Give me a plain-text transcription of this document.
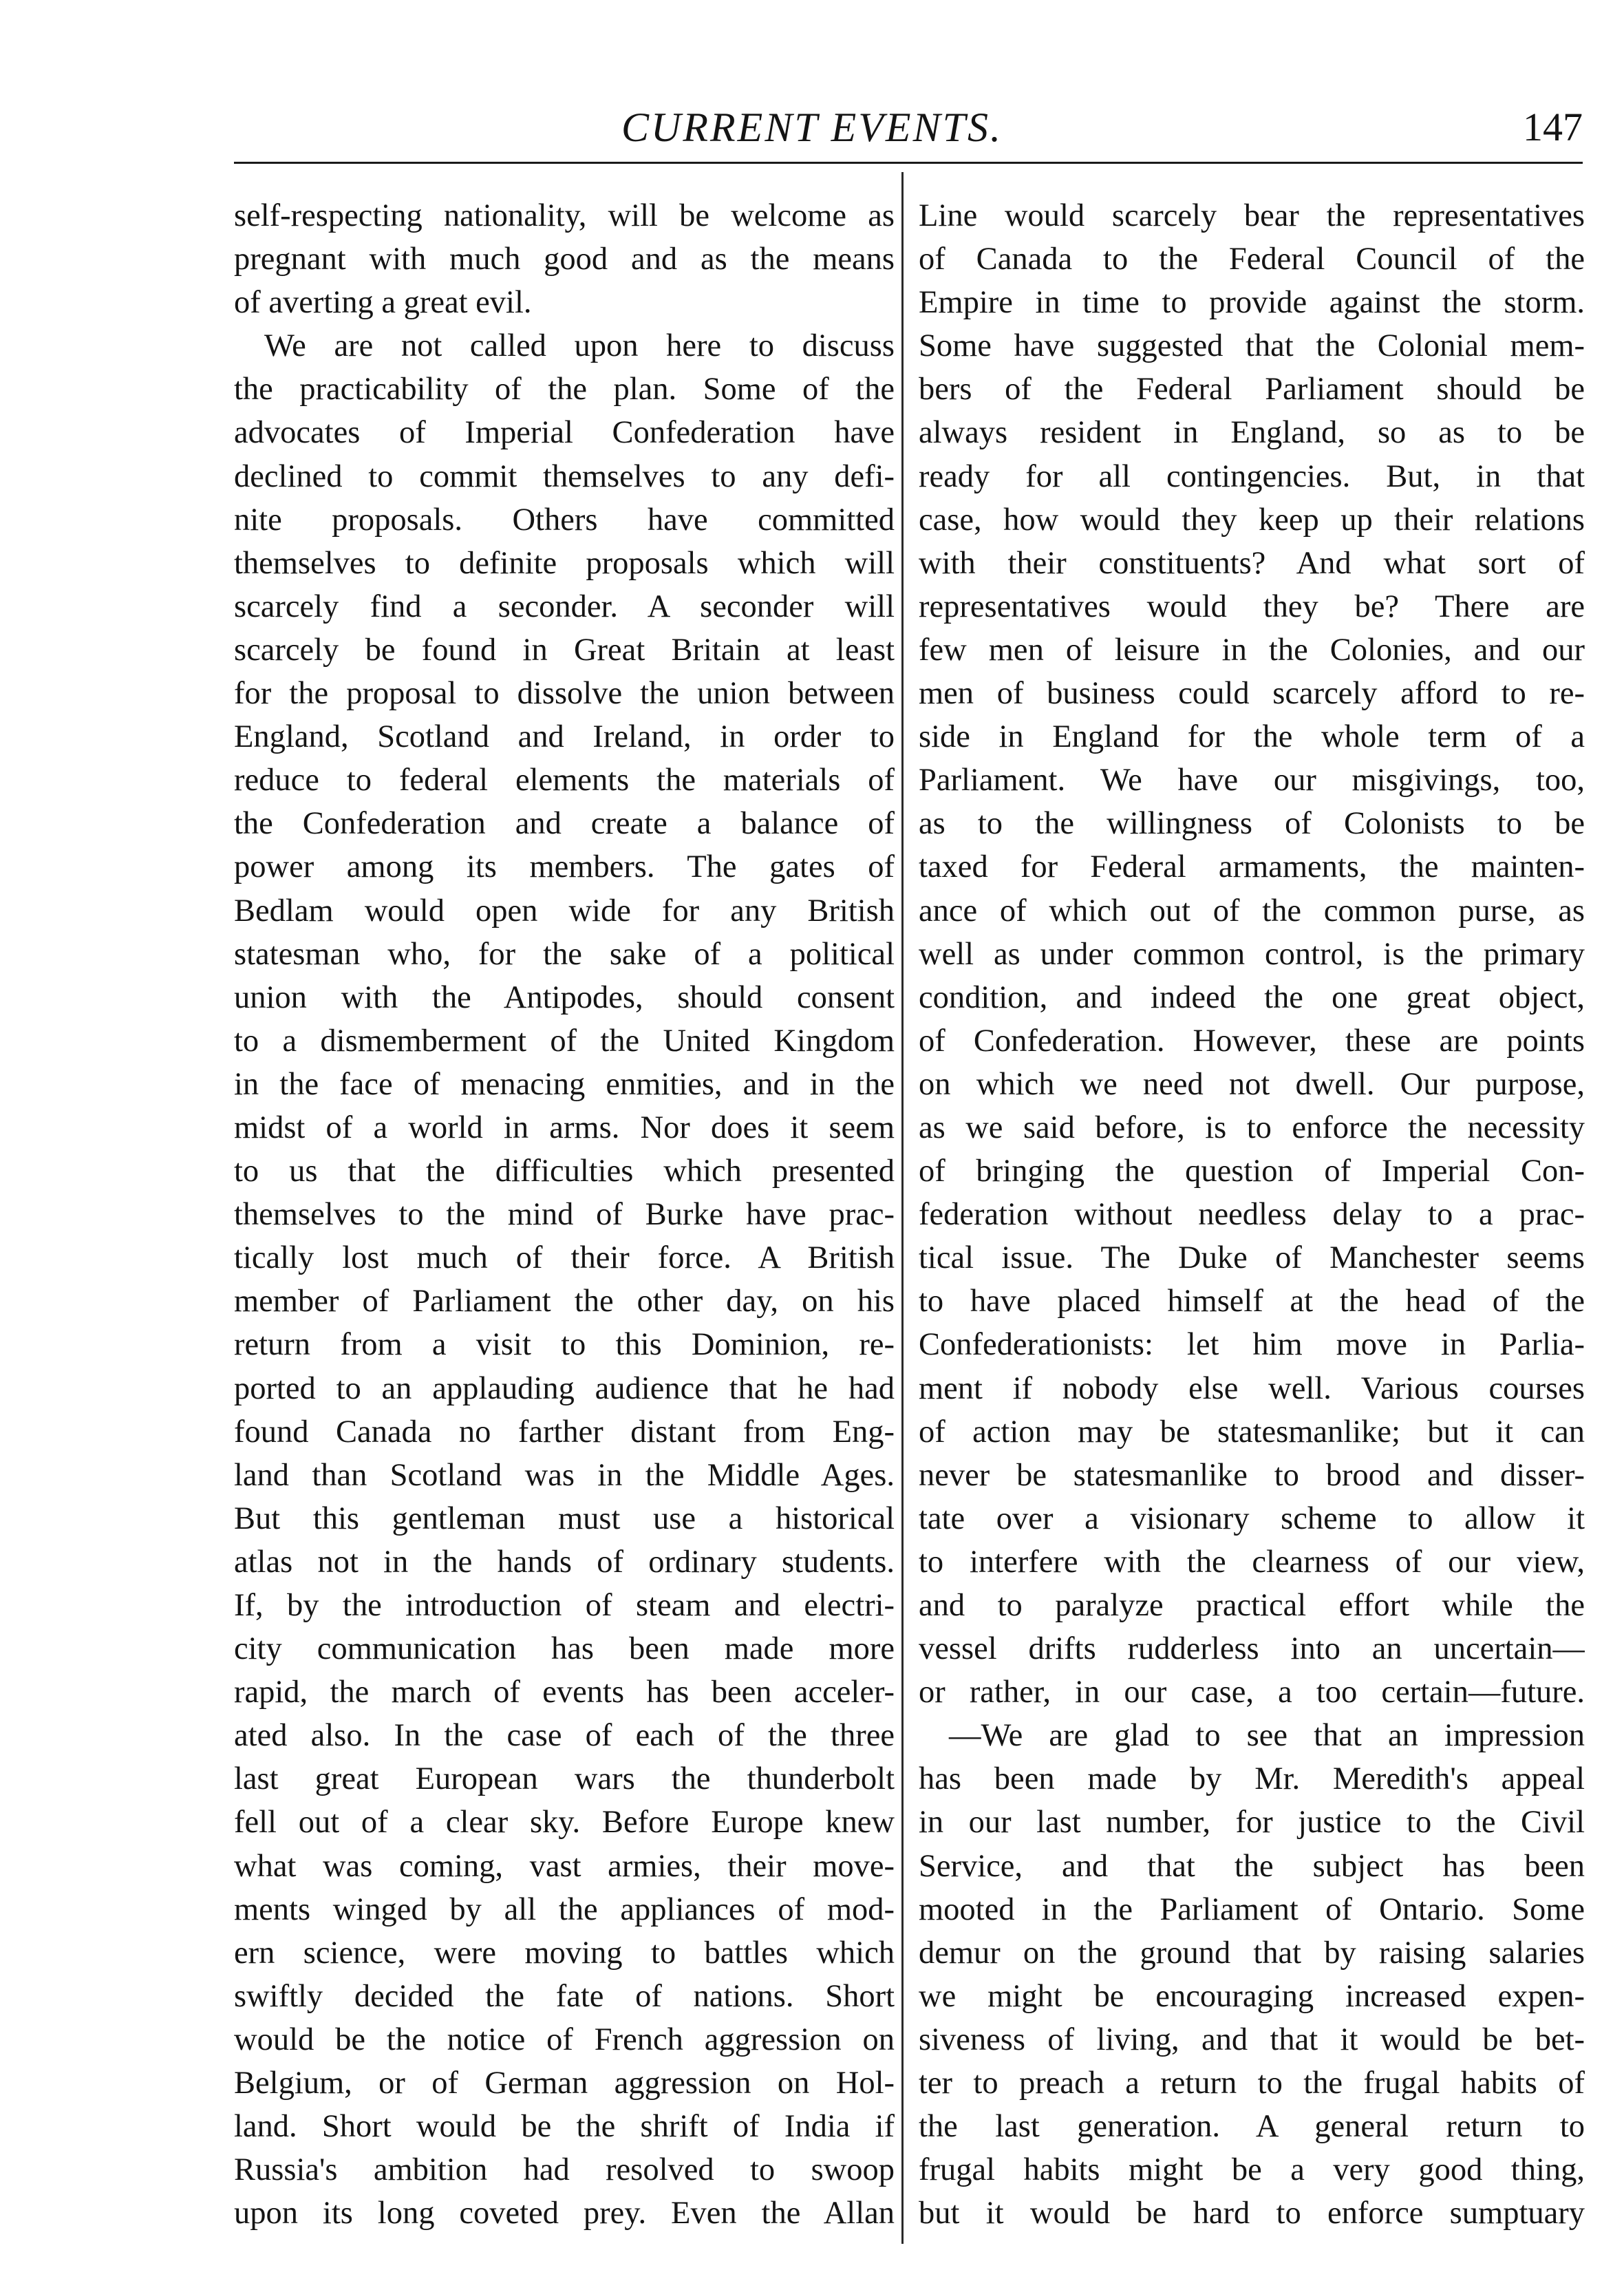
CURRENT EVENTS.	147
self-respecting nationality, will be welcome as
pregnant with much good and as the means
of averting a great evil.
We are not called upon here to discuss
the practicability of the plan. Some of the
advocates of Imperial Confederation have
declined to commit themselves to any defi-
nite proposals. Others have committed
themselves to definite proposals which will
scarcely find a seconder. A seconder will
scarcely be found in Great Britain at least
for the proposal to dissolve the union between
England, Scotland and Ireland, in order to
reduce to federal elements the materials of
the Confederation and create a balance of
power among its members. The gates of
Bedlam would open wide for any British
statesman who, for the sake of a political
union with the Antipodes, should consent
to a dismemberment of the United Kingdom
in the face of menacing enmities, and in the
midst of a world in arms. Nor does it seem
to us that the difficulties which presented
themselves to the mind of Burke have prac-
tically lost much of their force. A British
member of Parliament the other day, on his
return from a visit to this Dominion, re-
ported to an applauding audience that he had
found Canada no farther distant from Eng-
land than Scotland was in the Middle Ages.
But this gentleman must use a historical
atlas not in the hands of ordinary students.
If, by the introduction of steam and electri-
city communication has been made more
rapid, the march of events has been acceler-
ated also. In the case of each of the three
last great European wars the thunderbolt
fell out of a clear sky. Before Europe knew
what was coming, vast armies, their move-
ments winged by all the appliances of mod-
ern science, were moving to battles which
swiftly decided the fate of nations. Short
would be the notice of French aggression on
Belgium, or of German aggression on Hol-
land. Short would be the shrift of India if
Russia's ambition had resolved to swoop
upon its long coveted prey. Even the Allan
Line would scarcely bear the representatives
of Canada to the Federal Council of the
Empire in time to provide against the storm.
Some have suggested that the Colonial mem-
bers of the Federal Parliament should be
always resident in England, so as to be
ready for all contingencies. But, in that
case, how would they keep up their relations
with their constituents? And what sort of
representatives would they be? There are
few men of leisure in the Colonies, and our
men of business could scarcely afford to re-
side in England for the whole term of a
Parliament. We have our misgivings, too,
as to the willingness of Colonists to be
taxed for Federal armaments, the mainten-
ance of which out of the common purse, as
well as under common control, is the primary
condition, and indeed the one great object,
of Confederation. However, these are points
on which we need not dwell. Our purpose,
as we said before, is to enforce the necessity
of bringing the question of Imperial Con-
federation without needless delay to a prac-
tical issue. The Duke of Manchester seems
to have placed himself at the head of the
Confederationists: let him move in Parlia-
ment if nobody else well. Various courses
of action may be statesmanlike; but it can
never be statesmanlike to brood and disser-
tate over a visionary scheme to allow it
to interfere with the clearness of our view,
and to paralyze practical effort while the
vessel drifts rudderless into an uncertain—
or rather, in our case, a too certain—future.
—We are glad to see that an impression
has been made by Mr. Meredith's appeal
in our last number, for justice to the Civil
Service, and that the subject has been
mooted in the Parliament of Ontario. Some
demur on the ground that by raising salaries
we might be encouraging increased expen-
siveness of living, and that it would be bet-
ter to preach a return to the frugal habits of
the last generation. A general return to
frugal habits might be a very good thing,
but it would be hard to enforce sumptuary
